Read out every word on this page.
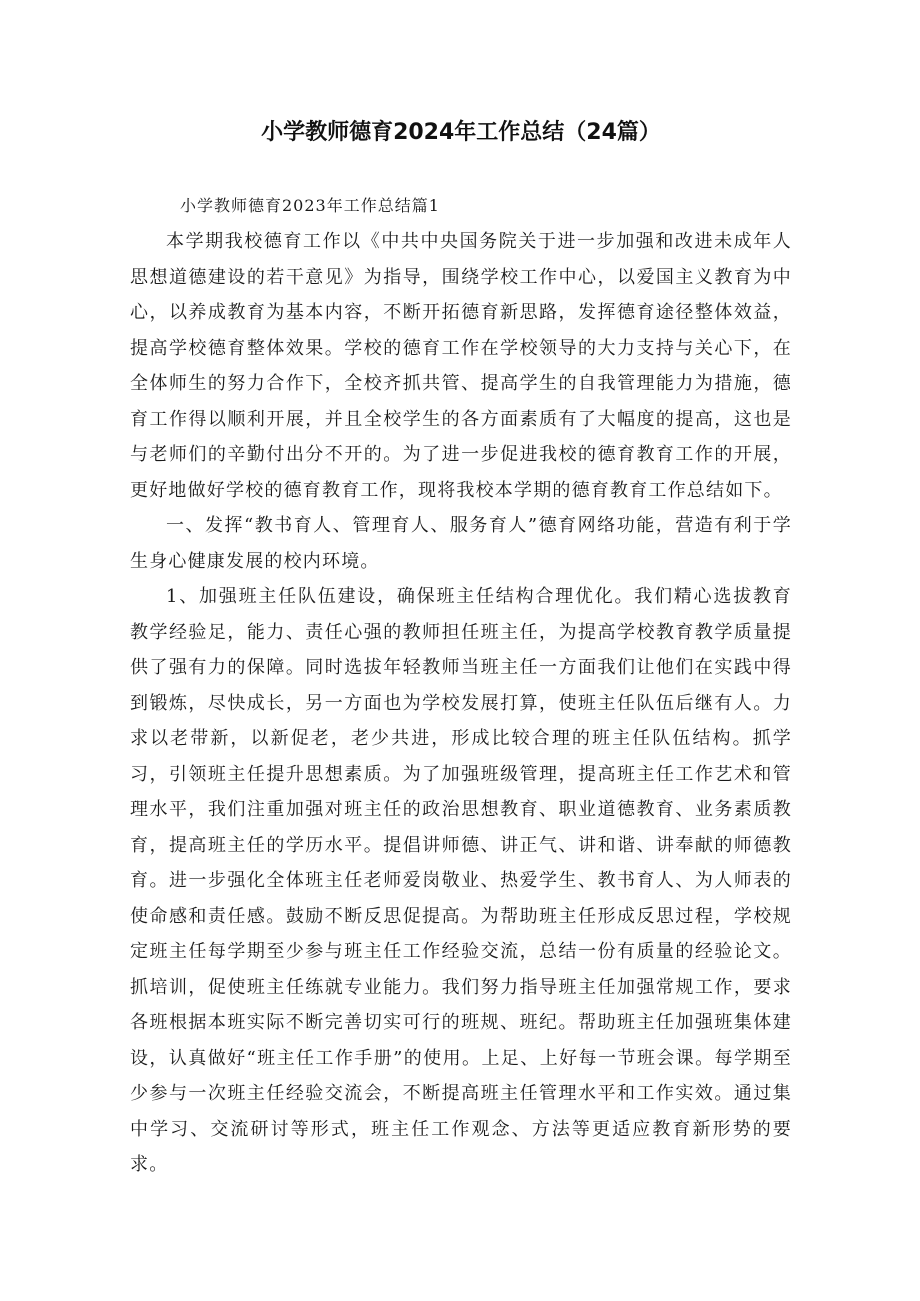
小学教师德育2024年工作总结（24篇）

小学教师德育2023年工作总结篇1

本学期我校德育工作以《中共中央国务院关于进一步加强和改进未成年人思想道德建设的若干意见》为指导，围绕学校工作中心，以爱国主义教育为中心，以养成教育为基本内容，不断开拓德育新思路，发挥德育途径整体效益，提高学校德育整体效果。学校的德育工作在学校领导的大力支持与关心下，在全体师生的努力合作下，全校齐抓共管、提高学生的自我管理能力为措施，德育工作得以顺利开展，并且全校学生的各方面素质有了大幅度的提高，这也是与老师们的辛勤付出分不开的。为了进一步促进我校的德育教育工作的开展，更好地做好学校的德育教育工作，现将我校本学期的德育教育工作总结如下。

一、发挥“教书育人、管理育人、服务育人”德育网络功能，营造有利于学生身心健康发展的校内环境。

1、加强班主任队伍建设，确保班主任结构合理优化。我们精心选拔教育教学经验足，能力、责任心强的教师担任班主任，为提高学校教育教学质量提供了强有力的保障。同时选拔年轻教师当班主任一方面我们让他们在实践中得到锻炼，尽快成长，另一方面也为学校发展打算，使班主任队伍后继有人。力求以老带新，以新促老，老少共进，形成比较合理的班主任队伍结构。抓学习，引领班主任提升思想素质。为了加强班级管理，提高班主任工作艺术和管理水平，我们注重加强对班主任的政治思想教育、职业道德教育、业务素质教育，提高班主任的学历水平。提倡讲师德、讲正气、讲和谐、讲奉献的师德教育。进一步强化全体班主任老师爱岗敬业、热爱学生、教书育人、为人师表的使命感和责任感。鼓励不断反思促提高。为帮助班主任形成反思过程，学校规定班主任每学期至少参与班主任工作经验交流，总结一份有质量的经验论文。抓培训，促使班主任练就专业能力。我们努力指导班主任加强常规工作，要求各班根据本班实际不断完善切实可行的班规、班纪。帮助班主任加强班集体建设，认真做好“班主任工作手册”的使用。上足、上好每一节班会课。每学期至少参与一次班主任经验交流会，不断提高班主任管理水平和工作实效。通过集中学习、交流研讨等形式，班主任工作观念、方法等更适应教育新形势的要求。
